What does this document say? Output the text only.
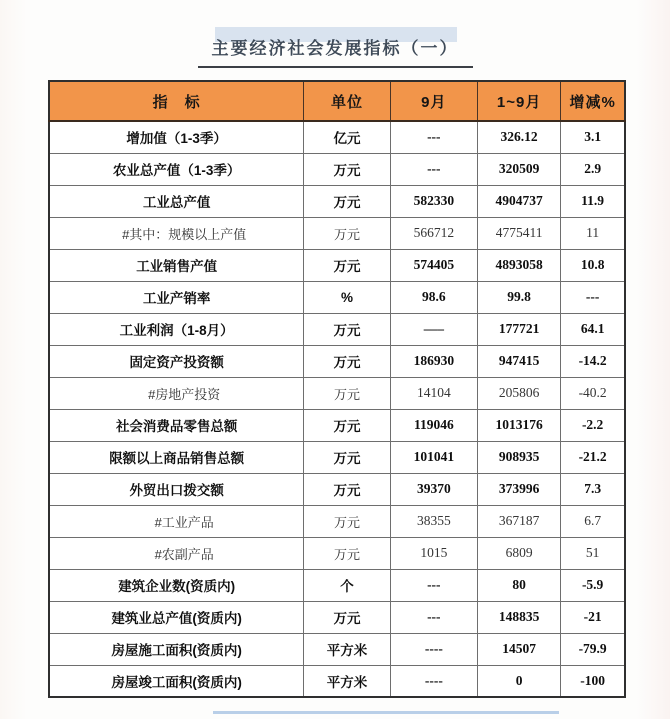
主要经济社会发展指标（一）
指　标	单位	9月	1~9月	增减%
增加值（1-3季）	亿元	---	326.12	3.1
农业总产值（1-3季）	万元	---	320509	2.9
工业总产值	万元	582330	4904737	11.9
#其中：规模以上产值	万元	566712	4775411	11
工业销售产值	万元	574405	4893058	10.8
工业产销率	%	98.6	99.8	---
工业利润（1-8月）	万元	–––	177721	64.1
固定资产投资额	万元	186930	947415	-14.2
#房地产投资	万元	14104	205806	-40.2
社会消费品零售总额	万元	119046	1013176	-2.2
限额以上商品销售总额	万元	101041	908935	-21.2
外贸出口拨交额	万元	39370	373996	7.3
#工业产品	万元	38355	367187	6.7
#农副产品	万元	1015	6809	51
建筑企业数(资质内)	个	---	80	-5.9
建筑业总产值(资质内)	万元	---	148835	-21
房屋施工面积(资质内)	平方米	----	14507	-79.9
房屋竣工面积(资质内)	平方米	----	0	-100
